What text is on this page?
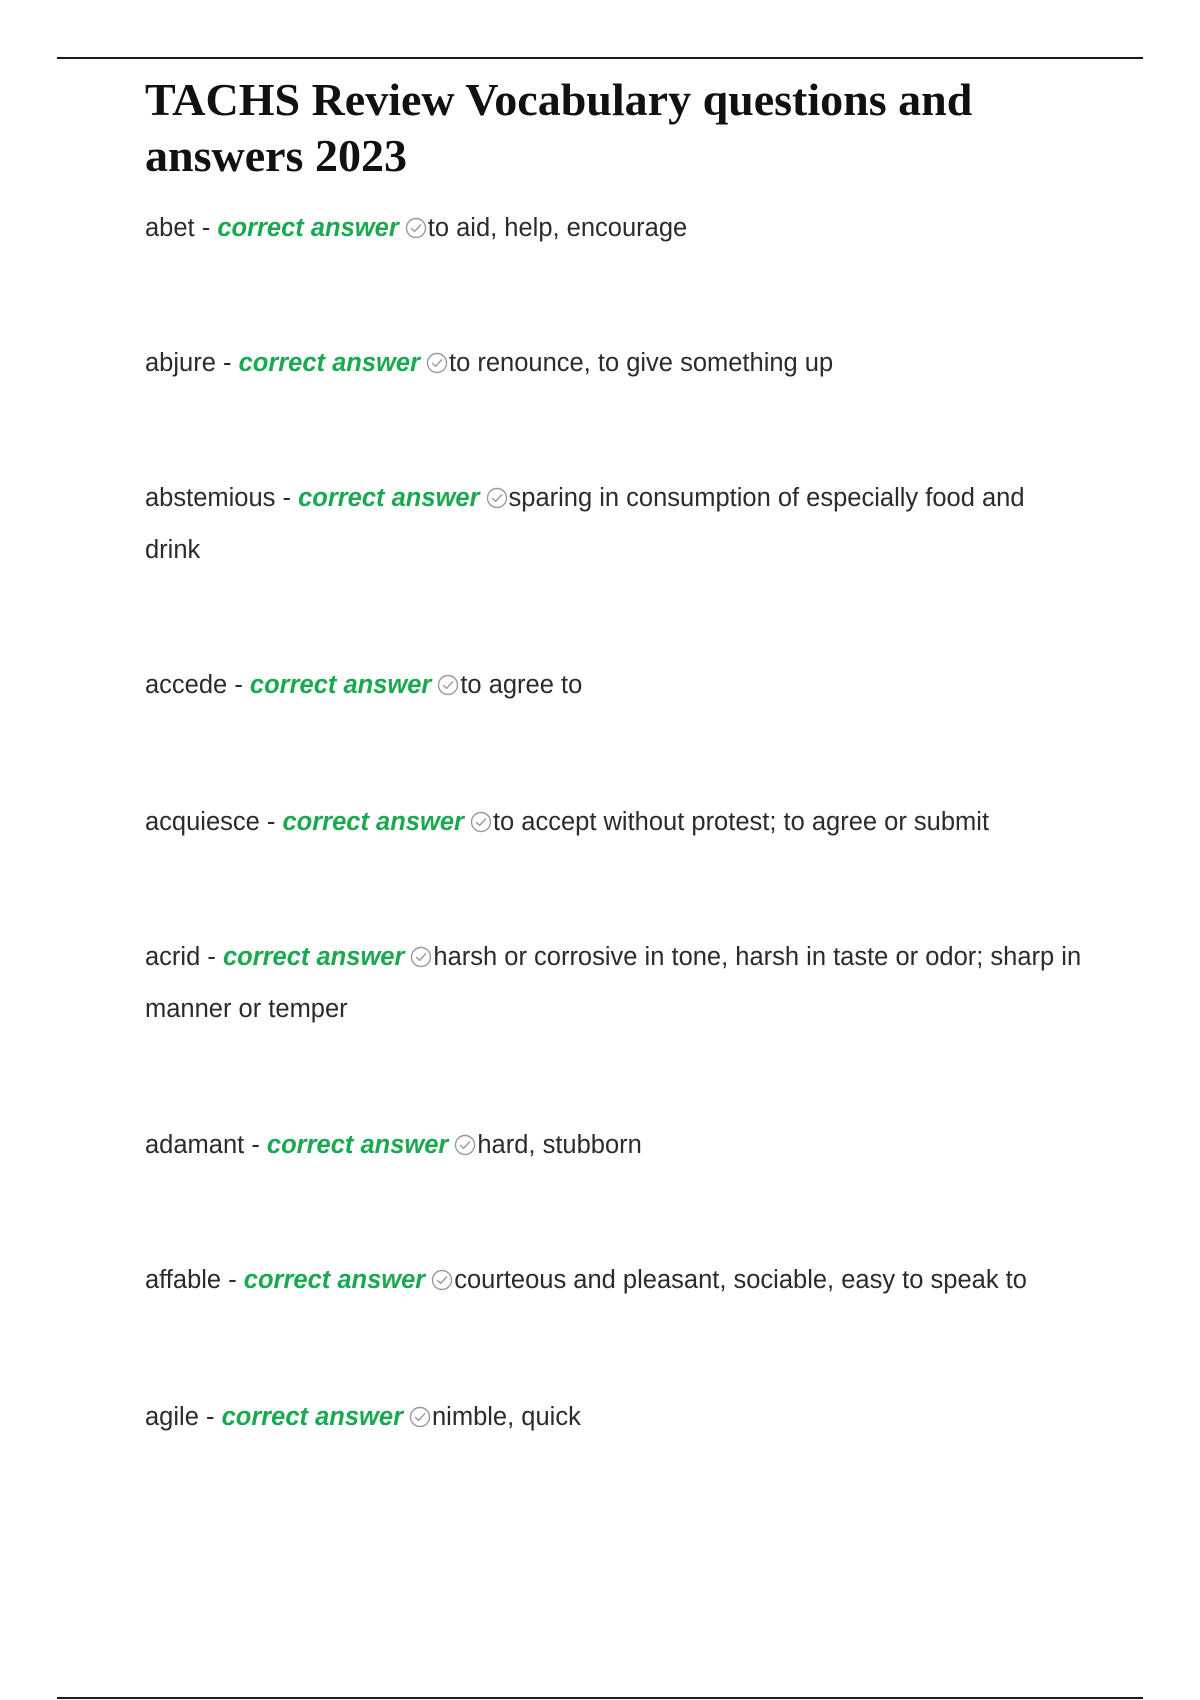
TACHS Review Vocabulary questions and answers 2023
abet - correct answer to aid, help, encourage
abjure - correct answer to renounce, to give something up
abstemious - correct answer sparing in consumption of especially food and drink
accede - correct answer to agree to
acquiesce - correct answer to accept without protest; to agree or submit
acrid - correct answer harsh or corrosive in tone, harsh in taste or odor; sharp in manner or temper
adamant - correct answer hard, stubborn
affable - correct answer courteous and pleasant, sociable, easy to speak to
agile - correct answer nimble, quick
